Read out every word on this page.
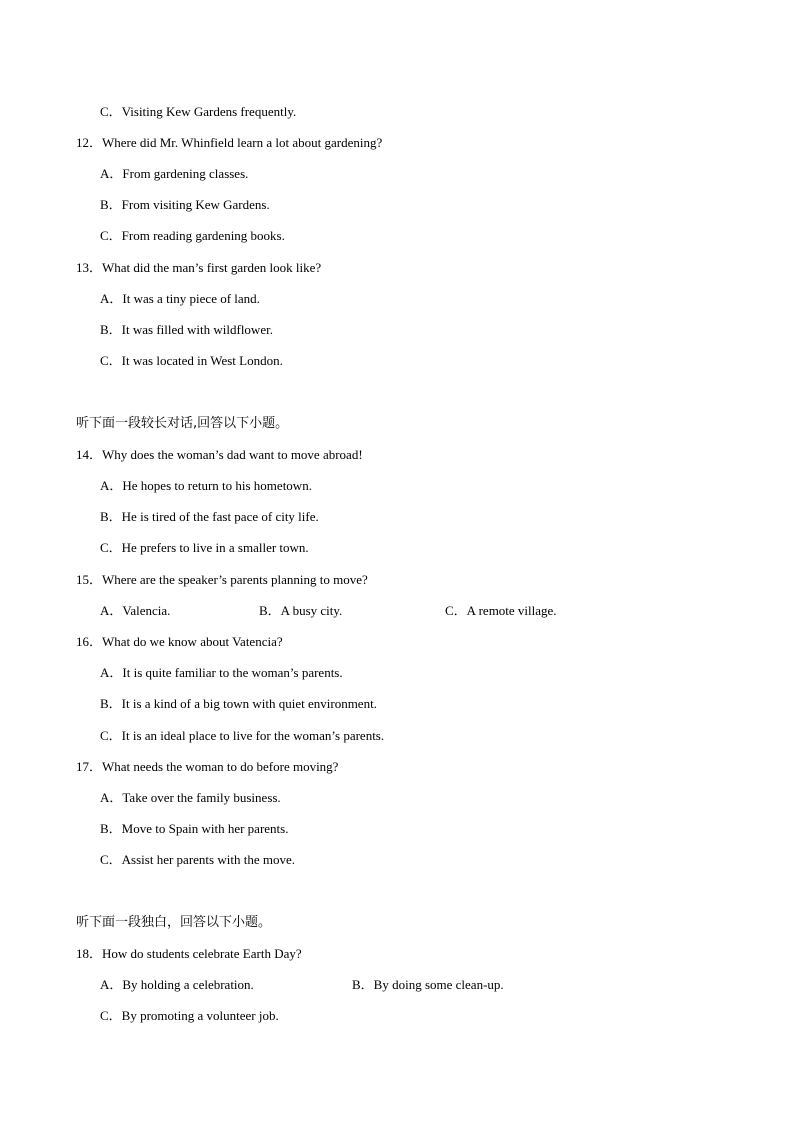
C．Visiting Kew Gardens frequently.
12．Where did Mr. Whinfield learn a lot about gardening?
A．From gardening classes.
B．From visiting Kew Gardens.
C．From reading gardening books.
13．What did the man’s first garden look like?
A．It was a tiny piece of land.
B．It was filled with wildflower.
C．It was located in West London.
听下面一段较长对话,回答以下小题。
14．Why does the woman’s dad want to move abroad!
A．He hopes to return to his hometown.
B．He is tired of the fast pace of city life.
C．He prefers to live in a smaller town.
15．Where are the speaker’s parents planning to move?
A．Valencia.	B．A busy city.	C．A remote village.
16．What do we know about Vatencia?
A．It is quite familiar to the woman’s parents.
B．It is a kind of a big town with quiet environment.
C．It is an ideal place to live for the woman’s parents.
17．What needs the woman to do before moving?
A．Take over the family business.
B．Move to Spain with her parents.
C．Assist her parents with the move.
听下面一段独白，回答以下小题。
18．How do students celebrate Earth Day?
A．By holding a celebration.	B．By doing some clean-up.
C．By promoting a volunteer job.
